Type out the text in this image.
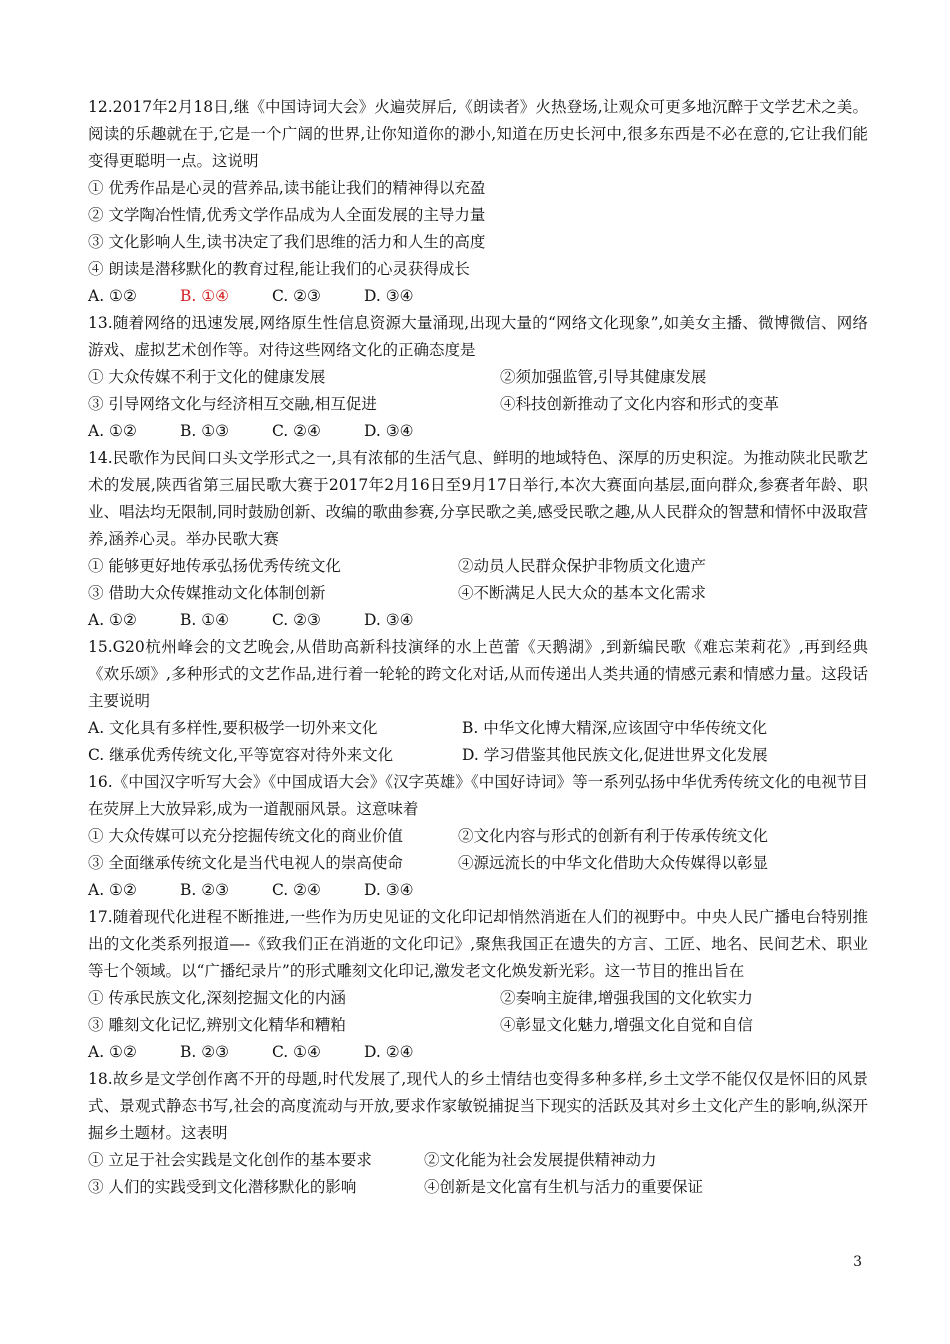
12.2017年2月18日,继《中国诗词大会》火遍荧屏后,《朗读者》火热登场,让观众可更多地沉醉于文学艺术之美。阅读的乐趣就在于,它是一个广阔的世界,让你知道你的渺小,知道在历史长河中,很多东西是不必在意的,它让我们能变得更聪明一点。这说明

① 优秀作品是心灵的营养品,读书能让我们的精神得以充盈

② 文学陶冶性情,优秀文学作品成为人全面发展的主导力量

③ 文化影响人生,读书决定了我们思维的活力和人生的高度

④ 朗读是潜移默化的教育过程,能让我们的心灵获得成长

A. ①②	B. ①④	C. ②③	D. ③④

13.随着网络的迅速发展,网络原生性信息资源大量涌现,出现大量的“网络文化现象”,如美女主播、微博微信、网络游戏、虚拟艺术创作等。对待这些网络文化的正确态度是

① 大众传媒不利于文化的健康发展	②须加强监管,引导其健康发展
③ 引导网络文化与经济相互交融,相互促进	④科技创新推动了文化内容和形式的变革
A. ①②	B. ①③	C. ②④	D. ③④

14.民歌作为民间口头文学形式之一,具有浓郁的生活气息、鲜明的地域特色、深厚的历史积淀。为推动陕北民歌艺术的发展,陕西省第三届民歌大赛于2017年2月16日至9月17日举行,本次大赛面向基层,面向群众,参赛者年龄、职业、唱法均无限制,同时鼓励创新、改编的歌曲参赛,分享民歌之美,感受民歌之趣,从人民群众的智慧和情怀中汲取营养,涵养心灵。举办民歌大赛

① 能够更好地传承弘扬优秀传统文化	②动员人民群众保护非物质文化遗产
③ 借助大众传媒推动文化体制创新	④不断满足人民大众的基本文化需求
A. ①②	B. ①④	C. ②③	D. ③④

15.G20杭州峰会的文艺晚会,从借助高新科技演绎的水上芭蕾《天鹅湖》,到新编民歌《难忘茉莉花》,再到经典《欢乐颂》,多种形式的文艺作品,进行着一轮轮的跨文化对话,从而传递出人类共通的情感元素和情感力量。这段话主要说明

A. 文化具有多样性,要积极学一切外来文化	B. 中华文化博大精深,应该固守中华传统文化
C. 继承优秀传统文化,平等宽容对待外来文化	D. 学习借鉴其他民族文化,促进世界文化发展

16.《中国汉字听写大会》《中国成语大会》《汉字英雄》《中国好诗词》等一系列弘扬中华优秀传统文化的电视节目在荧屏上大放异彩,成为一道靓丽风景。这意味着

① 大众传媒可以充分挖掘传统文化的商业价值	②文化内容与形式的创新有利于传承传统文化
③ 全面继承传统文化是当代电视人的崇高使命	④源远流长的中华文化借助大众传媒得以彰显
A. ①②	B. ②③	C. ②④	D. ③④

17.随着现代化进程不断推进,一些作为历史见证的文化印记却悄然消逝在人们的视野中。中央人民广播电台特别推出的文化类系列报道—-《致我们正在消逝的文化印记》,聚焦我国正在遗失的方言、工匠、地名、民间艺术、职业等七个领域。以“广播纪录片”的形式雕刻文化印记,激发老文化焕发新光彩。这一节目的推出旨在

① 传承民族文化,深刻挖掘文化的内涵	②奏响主旋律,增强我国的文化软实力
③ 雕刻文化记忆,辨别文化精华和糟粕	④彰显文化魅力,增强文化自觉和自信
A. ①②	B. ②③	C. ①④	D. ②④

18.故乡是文学创作离不开的母题,时代发展了,现代人的乡土情结也变得多种多样,乡土文学不能仅仅是怀旧的风景式、景观式静态书写,社会的高度流动与开放,要求作家敏锐捕捉当下现实的活跃及其对乡土文化产生的影响,纵深开掘乡土题材。这表明

① 立足于社会实践是文化创作的基本要求	②文化能为社会发展提供精神动力
③ 人们的实践受到文化潜移默化的影响	④创新是文化富有生机与活力的重要保证
3
